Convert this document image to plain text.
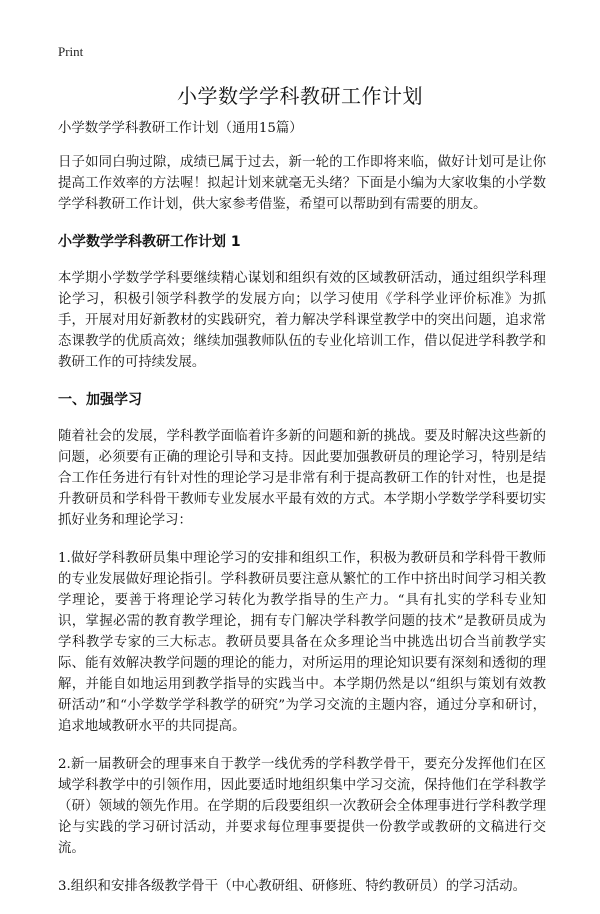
Print
小学数学学科教研工作计划

小学数学学科教研工作计划（通用15篇）

日子如同白驹过隙，成绩已属于过去，新一轮的工作即将来临，做好计划可是让你提高工作效率的方法喔！拟起计划来就毫无头绪？下面是小编为大家收集的小学数学学科教研工作计划，供大家参考借鉴，希望可以帮助到有需要的朋友。

小学数学学科教研工作计划 1

本学期小学数学学科要继续精心谋划和组织有效的区域教研活动，通过组织学科理论学习，积极引领学科教学的发展方向；以学习使用《学科学业评价标准》为抓手，开展对用好新教材的实践研究，着力解决学科课堂教学中的突出问题，追求常态课教学的优质高效；继续加强教师队伍的专业化培训工作，借以促进学科教学和教研工作的可持续发展。

一、加强学习

随着社会的发展，学科教学面临着许多新的问题和新的挑战。要及时解决这些新的问题，必须要有正确的理论引导和支持。因此要加强教研员的理论学习，特别是结合工作任务进行有针对性的理论学习是非常有利于提高教研工作的针对性，也是提升教研员和学科骨干教师专业发展水平最有效的方式。本学期小学数学学科要切实抓好业务和理论学习：

1.做好学科教研员集中理论学习的安排和组织工作，积极为教研员和学科骨干教师的专业发展做好理论指引。学科教研员要注意从繁忙的工作中挤出时间学习相关教学理论，要善于将理论学习转化为教学指导的生产力。“具有扎实的学科专业知识，掌握必需的教育教学理论，拥有专门解决学科教学问题的技术”是教研员成为学科教学专家的三大标志。教研员要具备在众多理论当中挑选出切合当前教学实际、能有效解决教学问题的理论的能力，对所运用的理论知识要有深刻和透彻的理解，并能自如地运用到教学指导的实践当中。本学期仍然是以“组织与策划有效教研活动”和“小学数学学科教学的研究”为学习交流的主题内容，通过分享和研讨，追求地域教研水平的共同提高。

2.新一届教研会的理事来自于教学一线优秀的学科教学骨干，要充分发挥他们在区域学科教学中的引领作用，因此要适时地组织集中学习交流，保持他们在学科教学（研）领域的领先作用。在学期的后段要组织一次教研会全体理事进行学科教学理论与实践的学习研讨活动，并要求每位理事要提供一份教学或教研的文稿进行交流。

3.组织和安排各级教学骨干（中心教研组、研修班、特约教研员）的学习活动。
